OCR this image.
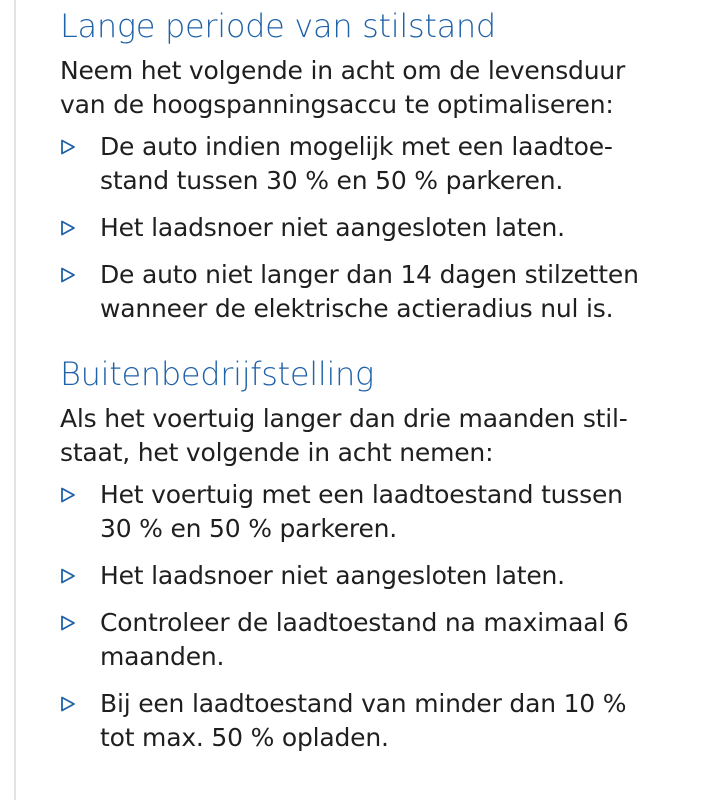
Lange periode van stilstand

Neem het volgende in acht om de levensduur
van de hoogspanningsaccu te optimaliseren:

De auto indien mogelijk met een laadtoe-
stand tussen 30 % en 50 % parkeren.
Het laadsnoer niet aangesloten laten.
De auto niet langer dan 14 dagen stilzetten
wanneer de elektrische actieradius nul is.
Buitenbedrijfstelling

Als het voertuig langer dan drie maanden stil-
staat, het volgende in acht nemen:

Het voertuig met een laadtoestand tussen
30 % en 50 % parkeren.
Het laadsnoer niet aangesloten laten.
Controleer de laadtoestand na maximaal 6
maanden.
Bij een laadtoestand van minder dan 10 %
tot max. 50 % opladen.
